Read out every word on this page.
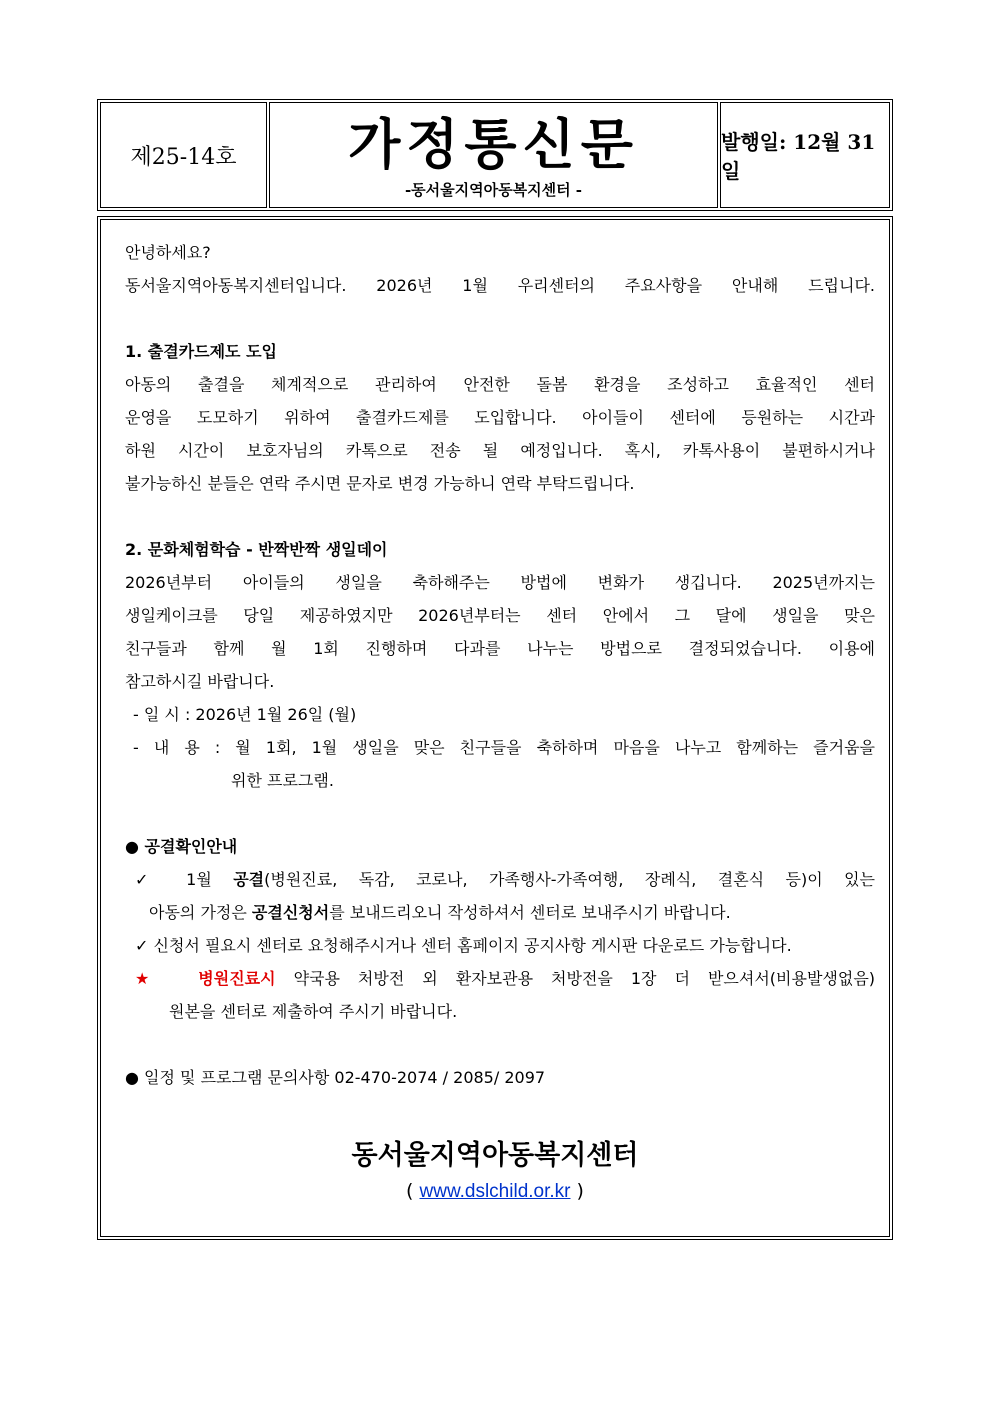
제25-14호	가정통신문
-동서울지역아동복지센터 -
발행일: 12월 31일
안녕하세요?
동서울지역아동복지센터입니다. 2026년 1월 우리센터의 주요사항을 안내해 드립니다.
1. 출결카드제도 도입
아동의 출결을 체계적으로 관리하여 안전한 돌봄 환경을 조성하고 효율적인 센터
운영을 도모하기 위하여 출결카드제를 도입합니다. 아이들이 센터에 등원하는 시간과
하원 시간이 보호자님의 카톡으로 전송 될 예정입니다. 혹시, 카톡사용이 불편하시거나
불가능하신 분들은 연락 주시면 문자로 변경 가능하니 연락 부탁드립니다.
2. 문화체험학습 - 반짝반짝 생일데이
2026년부터 아이들의 생일을 축하해주는 방법에 변화가 생깁니다. 2025년까지는
생일케이크를 당일 제공하였지만 2026년부터는 센터 안에서 그 달에 생일을 맞은
친구들과 함께 월 1회 진행하며 다과를 나누는 방법으로 결정되었습니다. 이용에
참고하시길 바랍니다.
- 일 시 : 2026년 1월 26일 (월)
- 내 용 : 월 1회, 1월 생일을 맞은 친구들을 축하하며 마음을 나누고 함께하는 즐거움을
위한 프로그램.
● 공결확인안내
✓ 1월 공결(병원진료, 독감, 코로나, 가족행사-가족여행, 장례식, 결혼식 등)이 있는
아동의 가정은 공결신청서를 보내드리오니 작성하셔서 센터로 보내주시기 바랍니다.
✓ 신청서 필요시 센터로 요청해주시거나 센터 홈페이지 공지사항 게시판 다운로드 가능합니다.
★ 병원진료시 약국용 처방전 외 환자보관용 처방전을 1장 더 받으셔서(비용발생없음)
원본을 센터로 제출하여 주시기 바랍니다.
● 일정 및 프로그램 문의사항 02-470-2074 / 2085/ 2097
동서울지역아동복지센터
( www.dslchild.or.kr )
